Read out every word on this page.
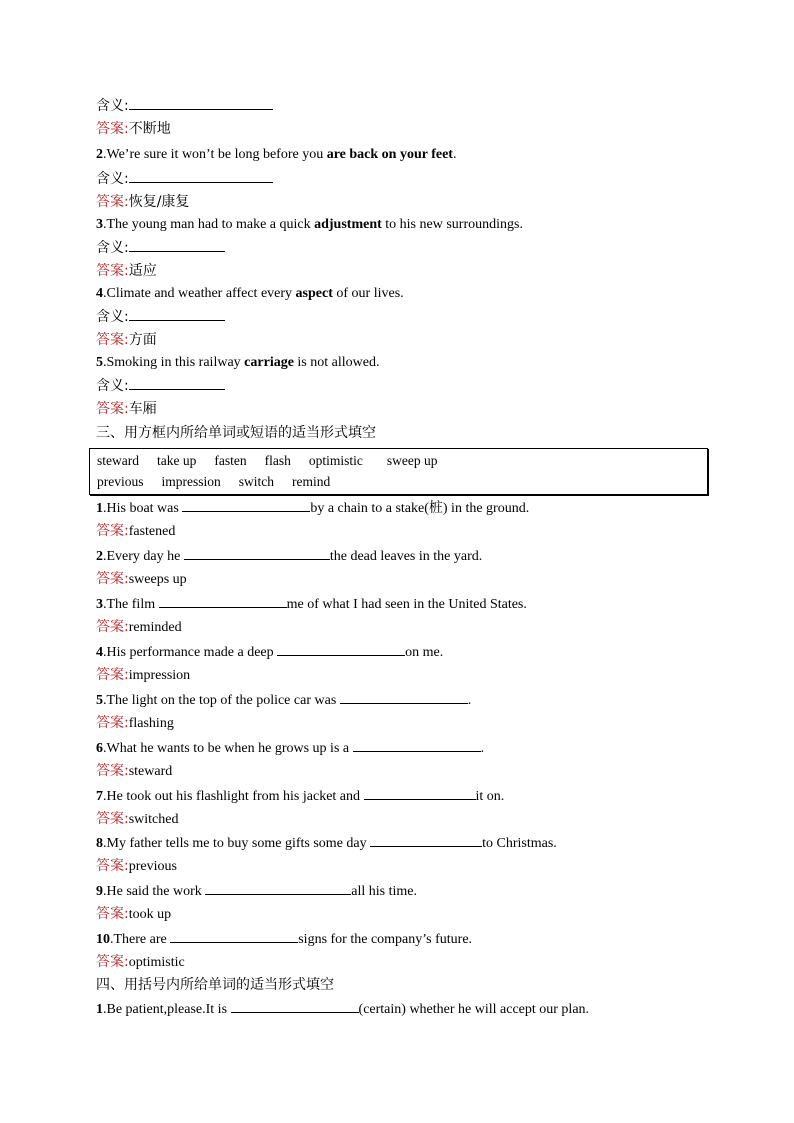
含义:
答案:不断地
2.We’re sure it won’t be long before you are back on your feet.
含义:
答案:恢复/康复
3.The young man had to make a quick adjustment to his new surroundings.
含义:
答案:适应
4.Climate and weather affect every aspect of our lives.
含义:
答案:方面
5.Smoking in this railway carriage is not allowed.
含义:
答案:车厢
三、用方框内所给单词或短语的适当形式填空
steward take up fasten flash optimistic sweep up
previous impression switch remind
1.His boat was	by a chain to a stake(桩) in the ground.
答案:fastened
2.Every day he	the dead leaves in the yard.
答案:sweeps up
3.The film	me of what I had seen in the United States.
答案:reminded
4.His performance made a deep	on me.
答案:impression
5.The light on the top of the police car was	.
答案:flashing
6.What he wants to be when he grows up is a	.
答案:steward
7.He took out his flashlight from his jacket and	it on.
答案:switched
8.My father tells me to buy some gifts some day	to Christmas.
答案:previous
9.He said the work	all his time.
答案:took up
10.There are	signs for the company’s future.
答案:optimistic
四、用括号内所给单词的适当形式填空
1.Be patient,please.It is	(certain) whether he will accept our plan.
